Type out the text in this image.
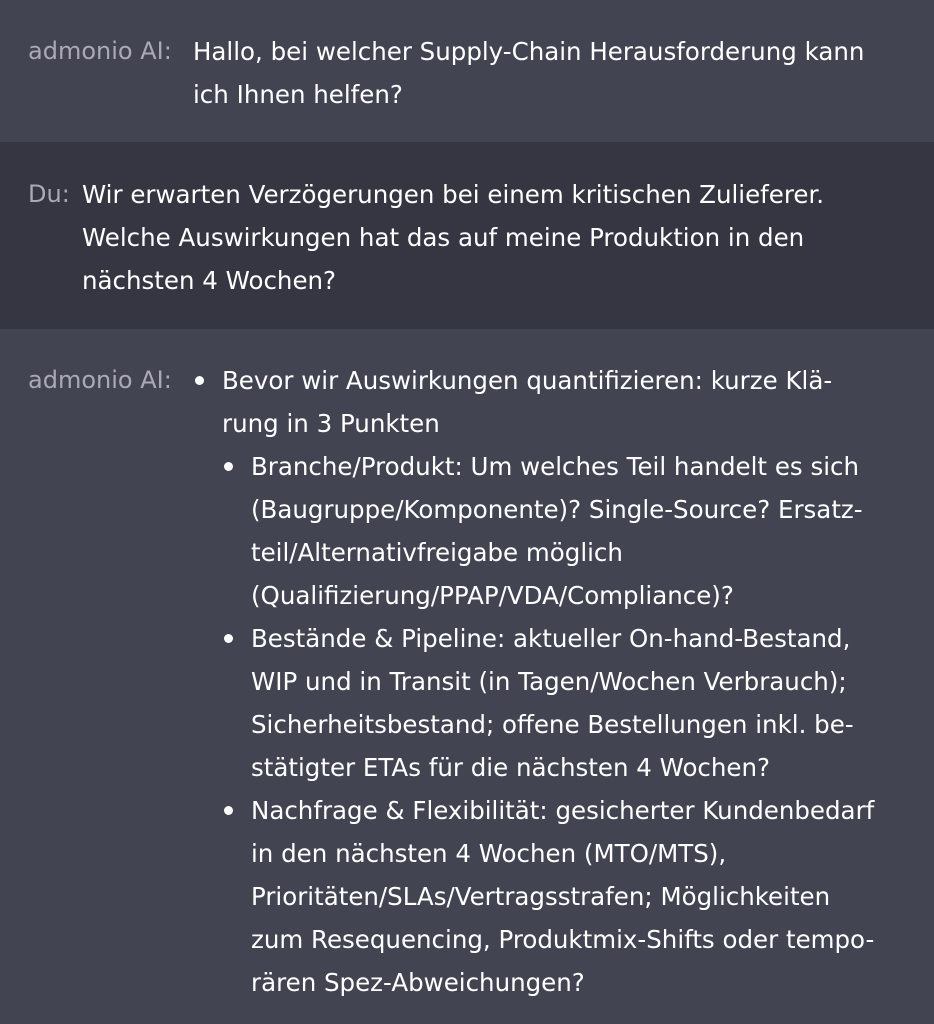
admonio AI: Hallo, bei welcher Supply-Chain Herausforderung kann
ich Ihnen helfen?
Du: Wir erwarten Verzögerungen bei einem kritischen Zulieferer.
Welche Auswirkungen hat das auf meine Produktion in den
nächsten 4 Wochen?
admonio AI:	Bevor wir Auswirkungen quantifizieren: kurze Klä-
rung in 3 Punkten
Branche/Produkt: Um welches Teil handelt es sich
(Baugruppe/Komponente)? Single-Source? Ersatz-
teil/Alternativfreigabe möglich
(Qualifizierung/PPAP/VDA/Compliance)?
Bestände & Pipeline: aktueller On-hand-Bestand,
WIP und in Transit (in Tagen/Wochen Verbrauch);
Sicherheitsbestand; offene Bestellungen inkl. be-
stätigter ETAs für die nächsten 4 Wochen?
Nachfrage & Flexibilität: gesicherter Kundenbedarf
in den nächsten 4 Wochen (MTO/MTS),
Prioritäten/SLAs/Vertragsstrafen; Möglichkeiten
zum Resequencing, Produktmix-Shifts oder tempo-
rären Spez-Abweichungen?
